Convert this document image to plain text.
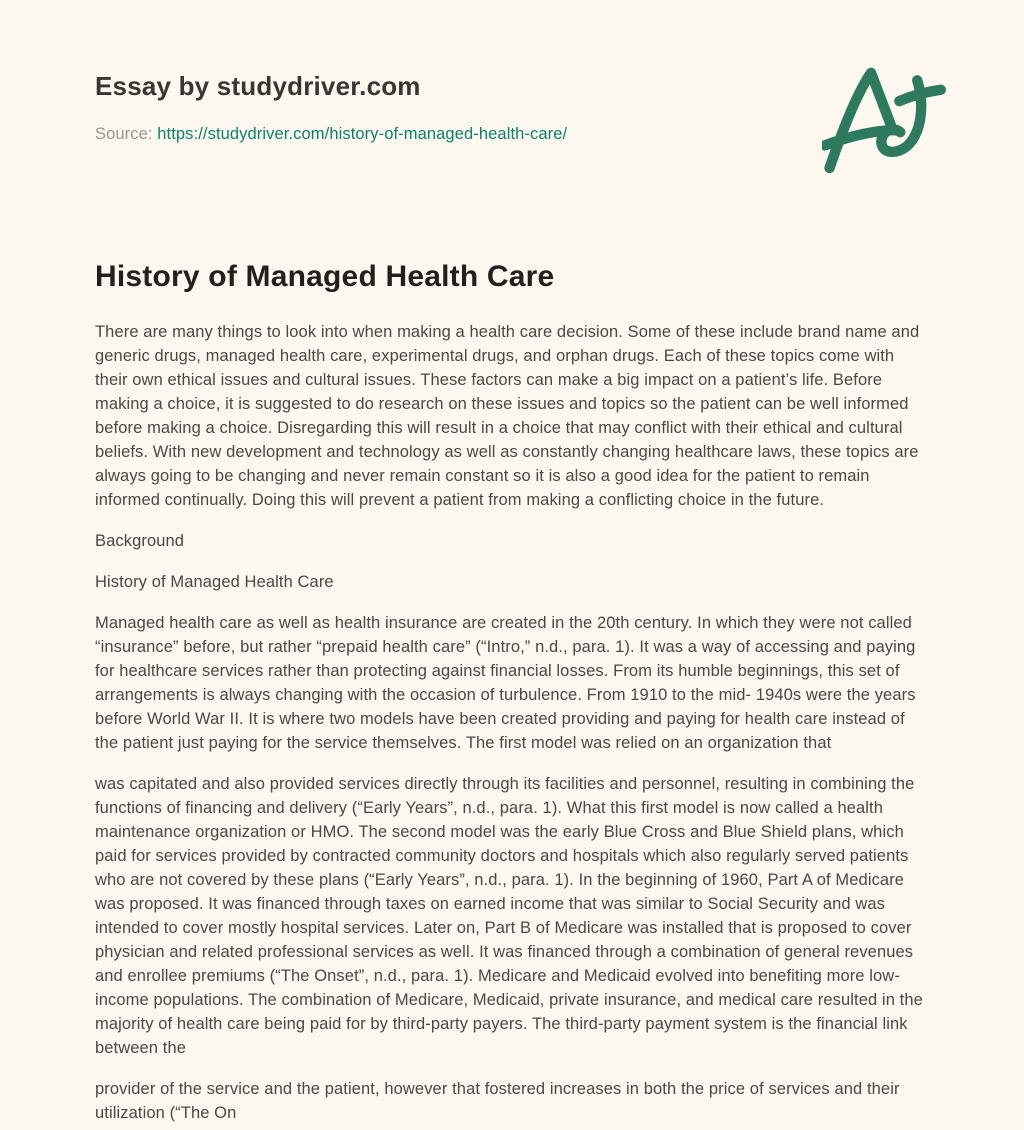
Essay by studydriver.com
Source: https://studydriver.com/history-of-managed-health-care/
History of Managed Health Care

There are many things to look into when making a health care decision. Some of these include brand name and generic drugs, managed health care, experimental drugs, and orphan drugs. Each of these topics come with their own ethical issues and cultural issues. These factors can make a big impact on a patient’s life. Before making a choice, it is suggested to do research on these issues and topics so the patient can be well informed before making a choice. Disregarding this will result in a choice that may conflict with their ethical and cultural beliefs. With new development and technology as well as constantly changing healthcare laws, these topics are always going to be changing and never remain constant so it is also a good idea for the patient to remain informed continually. Doing this will prevent a patient from making a conflicting choice in the future.

Background

History of Managed Health Care

Managed health care as well as health insurance are created in the 20th century. In which they were not called “insurance” before, but rather “prepaid health care” (“Intro,” n.d., para. 1). It was a way of accessing and paying for healthcare services rather than protecting against financial losses. From its humble beginnings, this set of arrangements is always changing with the occasion of turbulence. From 1910 to the mid- 1940s were the years before World War II. It is where two models have been created providing and paying for health care instead of the patient just paying for the service themselves. The first model was relied on an organization that

was capitated and also provided services directly through its facilities and personnel, resulting in combining the functions of financing and delivery (“Early Years”, n.d., para. 1). What this first model is now called a health maintenance organization or HMO. The second model was the early Blue Cross and Blue Shield plans, which paid for services provided by contracted community doctors and hospitals which also regularly served patients who are not covered by these plans (“Early Years”, n.d., para. 1). In the beginning of 1960, Part A of Medicare was proposed. It was financed through taxes on earned income that was similar to Social Security and was intended to cover mostly hospital services. Later on, Part B of Medicare was installed that is proposed to cover physician and related professional services as well. It was financed through a combination of general revenues and enrollee premiums (“The Onset”, n.d., para. 1). Medicare and Medicaid evolved into benefiting more low-income populations. The combination of Medicare, Medicaid, private insurance, and medical care resulted in the majority of health care being paid for by third-party payers. The third-party payment system is the financial link between the

provider of the service and the patient, however that fostered increases in both the price of services and their utilization (“The On
